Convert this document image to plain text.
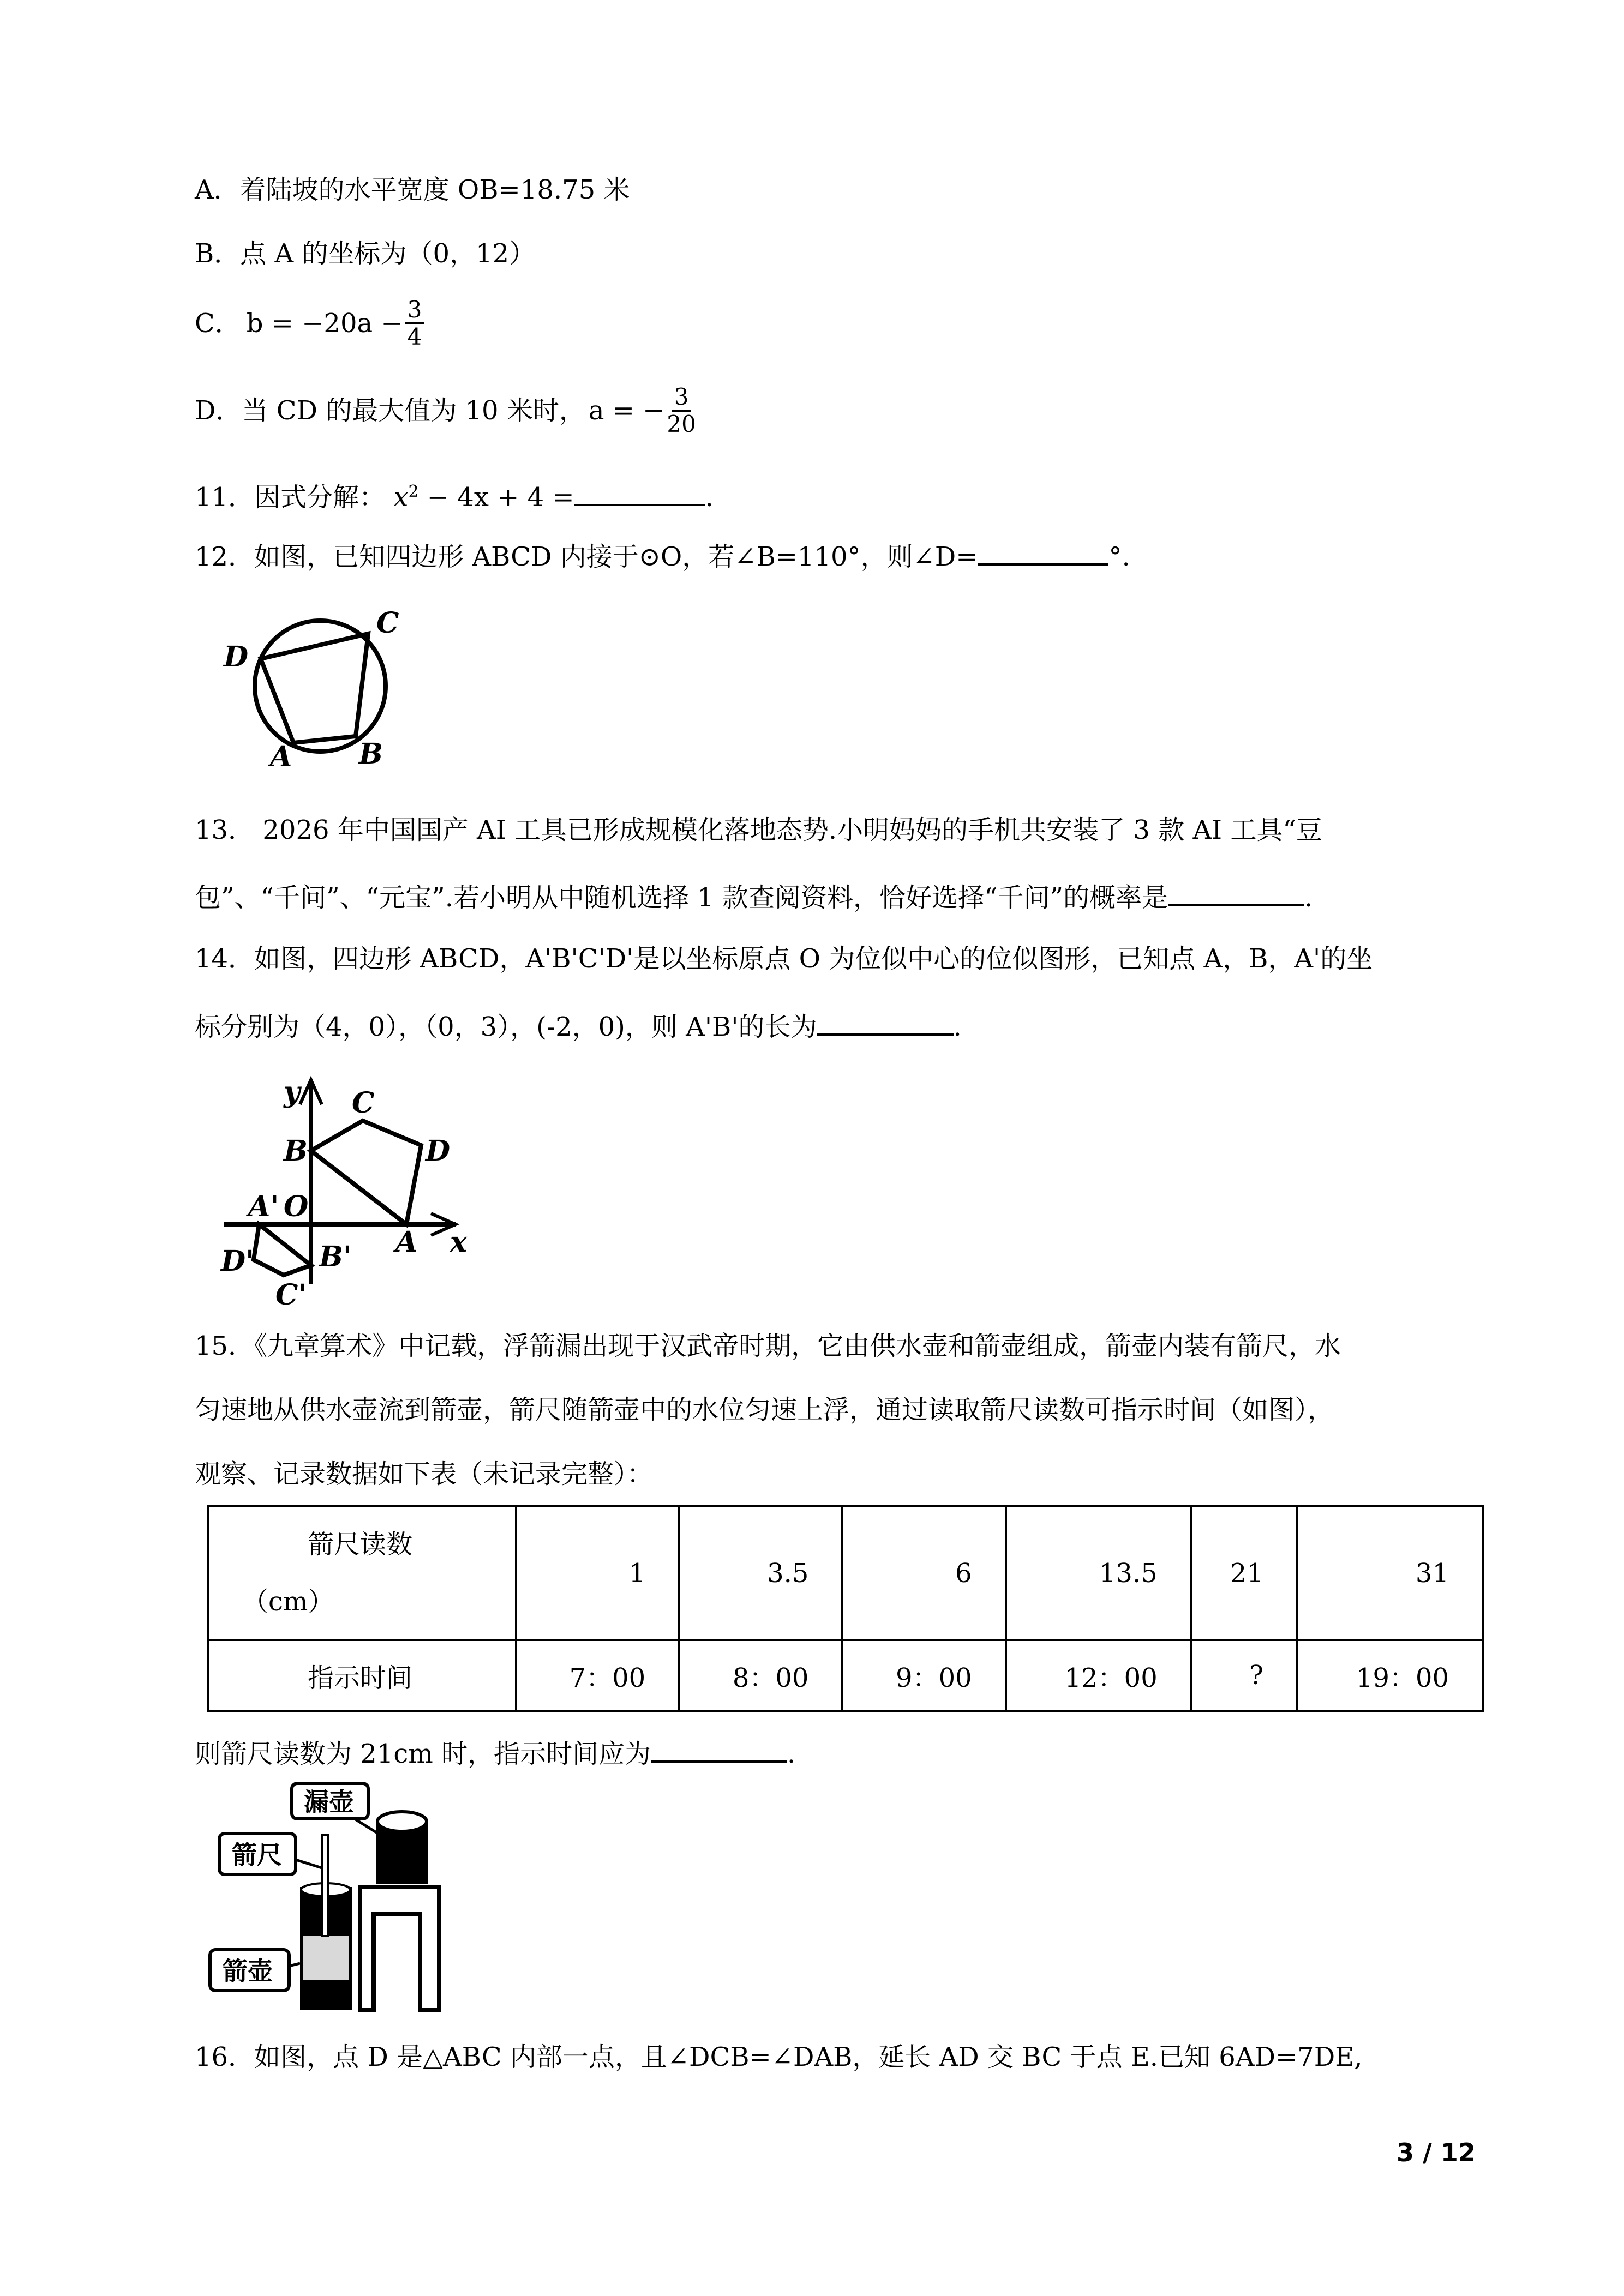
A．着陆坡的水平宽度 OB=18.75 米
B．点 A 的坐标为（0，12）
C． $b = -20a - \frac{3}{4}$
D． 当 CD 的最大值为 10 米时， a = − $\frac{3}{20}$
11．因式分解： $x^2 - 4x + 4$ =	.
12．如图，已知四边形 ABCD 内接于⊙O，若∠B=110°，则∠D=	°.
D
C
A B
13． 2026 年中国国产 AI 工具已形成规模化落地态势.小明妈妈的手机共安装了 3 款 AI 工具“豆
包”、“千问”、“元宝”.若小明从中随机选择 1 款查阅资料，恰好选择“千问”的概率是	.
14．如图，四边形 ABCD，A'B'C'D'是以坐标原点 O 为位似中心的位似图形，已知点 A，B，A'的坐
标分别为（4，0），（0，3），(-2，0)，则 A'B'的长为	.
y
x
O
A
B
C
D
A'
B'
C'
D'
15．《九章算术》中记载，浮箭漏出现于汉武帝时期，它由供水壶和箭壶组成，箭壶内装有箭尺，水
匀速地从供水壶流到箭壶，箭尺随箭壶中的水位匀速上浮，通过读取箭尺读数可指示时间（如图），
观察、记录数据如下表（未记录完整）：
箭尺读数
（cm）	1	3.5	6	13.5	21	31
指示时间	7：00	8：00	9：00	12：00	?	19：00
则箭尺读数为 21cm 时，指示时间应为	.
漏壶
箭尺
箭壶
16．如图，点 D 是△ABC 内部一点，且∠DCB=∠DAB，延长 AD 交 BC 于点 E.已知 6AD=7DE,
3 / 12
